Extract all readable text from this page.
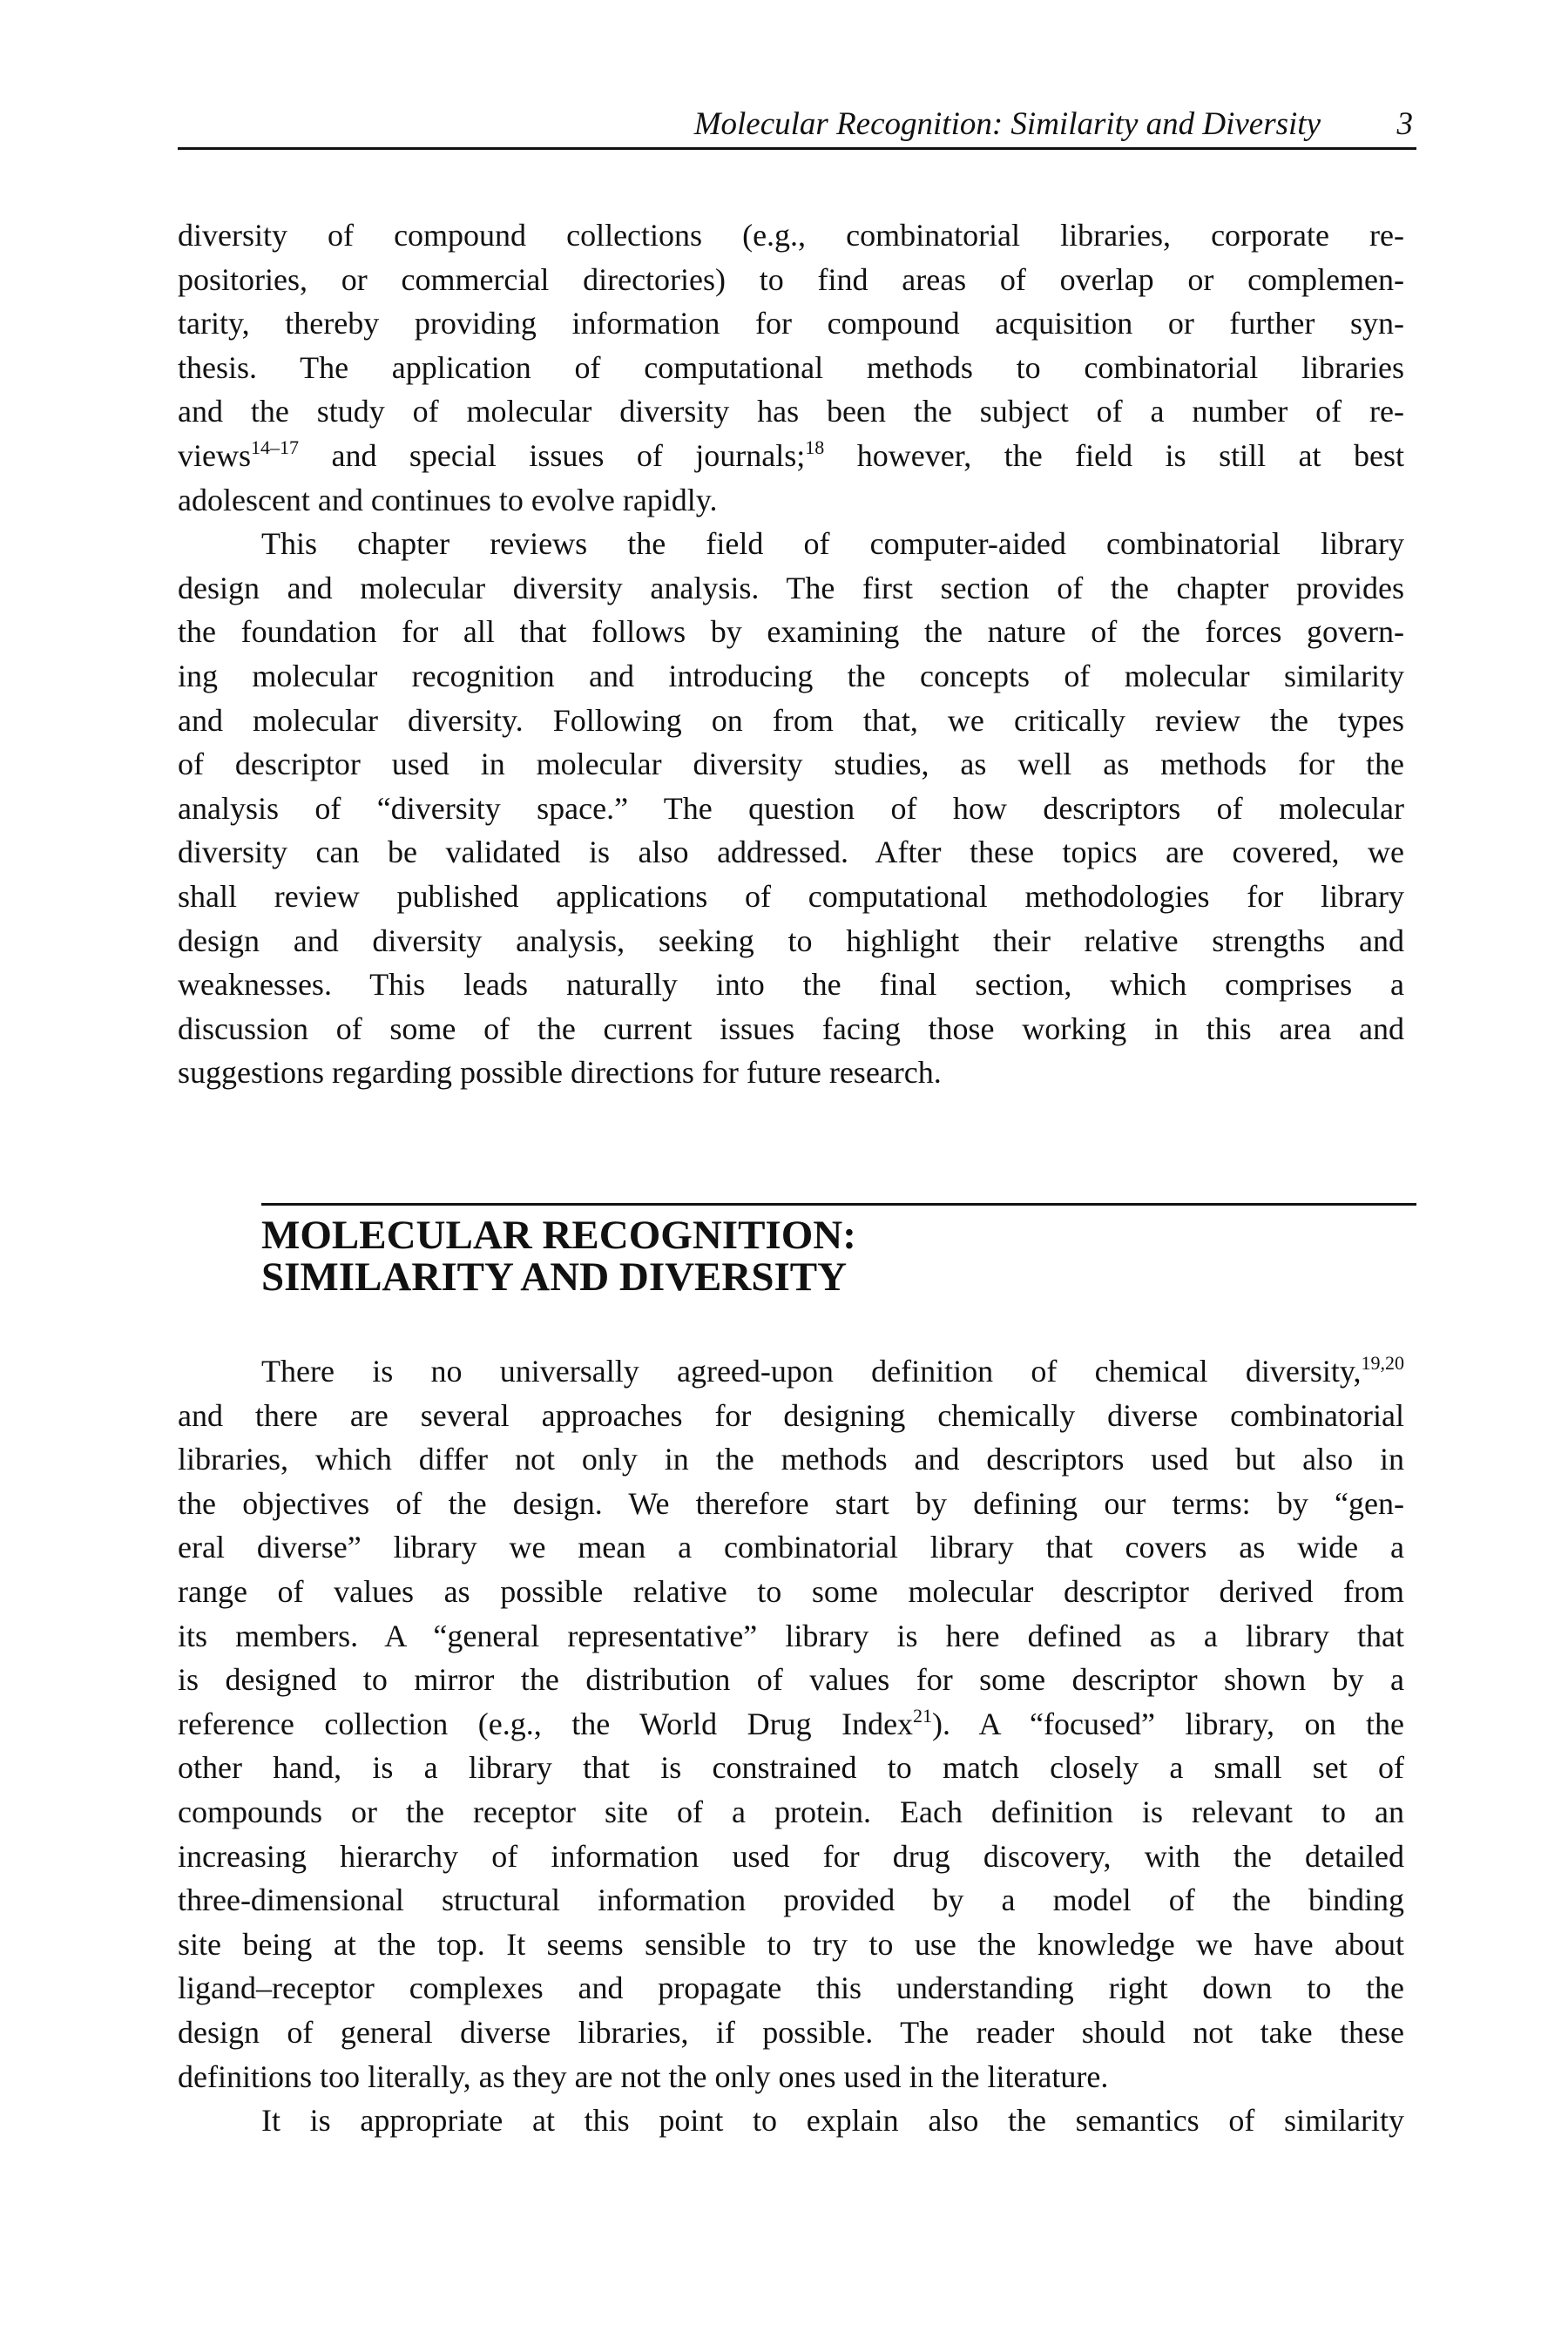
Molecular Recognition: Similarity and Diversity 3
diversity of compound collections (e.g., combinatorial libraries, corporate re-
positories, or commercial directories) to find areas of overlap or complemen-
tarity, thereby providing information for compound acquisition or further syn-
thesis. The application of computational methods to combinatorial libraries
and the study of molecular diversity has been the subject of a number of re-
views$^{14-17}$ and special issues of journals;$^{18}$ however, the field is still at best
adolescent and continues to evolve rapidly.
This chapter reviews the field of computer-aided combinatorial library
design and molecular diversity analysis. The first section of the chapter provides
the foundation for all that follows by examining the nature of the forces govern-
ing molecular recognition and introducing the concepts of molecular similarity
and molecular diversity. Following on from that, we critically review the types
of descriptor used in molecular diversity studies, as well as methods for the
analysis of “diversity space.” The question of how descriptors of molecular
diversity can be validated is also addressed. After these topics are covered, we
shall review published applications of computational methodologies for library
design and diversity analysis, seeking to highlight their relative strengths and
weaknesses. This leads naturally into the final section, which comprises a
discussion of some of the current issues facing those working in this area and
suggestions regarding possible directions for future research.
MOLECULAR RECOGNITION:
SIMILARITY AND DIVERSITY
There is no universally agreed-upon definition of chemical diversity,$^{19,20}$
and there are several approaches for designing chemically diverse combinatorial
libraries, which differ not only in the methods and descriptors used but also in
the objectives of the design. We therefore start by defining our terms: by “gen-
eral diverse” library we mean a combinatorial library that covers as wide a
range of values as possible relative to some molecular descriptor derived from
its members. A “general representative” library is here defined as a library that
is designed to mirror the distribution of values for some descriptor shown by a
reference collection (e.g., the World Drug Index$^{21}$). A “focused” library, on the
other hand, is a library that is constrained to match closely a small set of
compounds or the receptor site of a protein. Each definition is relevant to an
increasing hierarchy of information used for drug discovery, with the detailed
three-dimensional structural information provided by a model of the binding
site being at the top. It seems sensible to try to use the knowledge we have about
ligand–receptor complexes and propagate this understanding right down to the
design of general diverse libraries, if possible. The reader should not take these
definitions too literally, as they are not the only ones used in the literature.
It is appropriate at this point to explain also the semantics of similarity
